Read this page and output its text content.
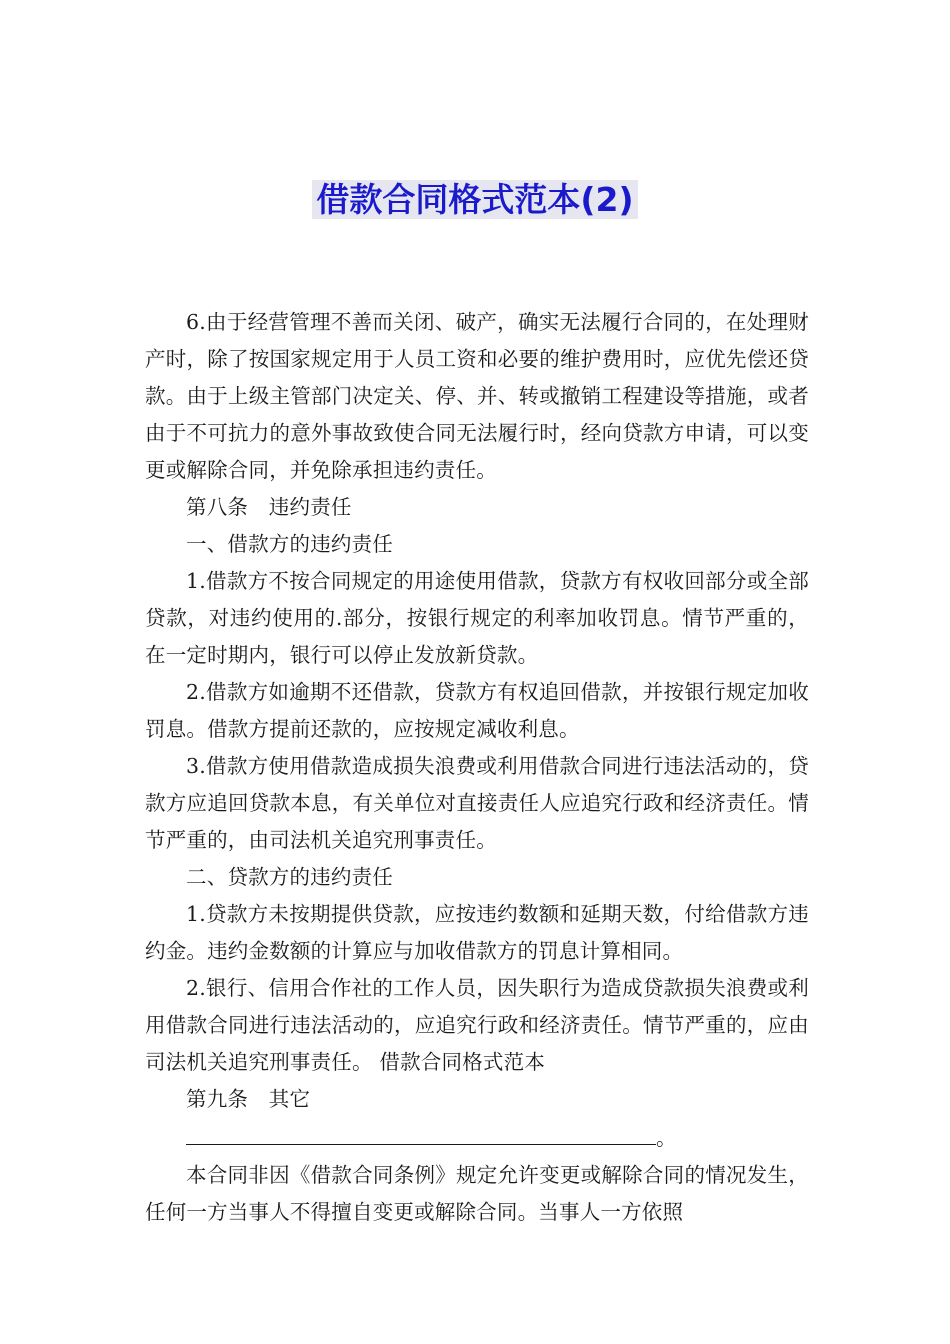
借款合同格式范本(2)

6.由于经营管理不善而关闭、破产，确实无法履行合同的，在处理财产时，除了按国家规定用于人员工资和必要的维护费用时，应优先偿还贷款。由于上级主管部门决定关、停、并、转或撤销工程建设等措施，或者由于不可抗力的意外事故致使合同无法履行时，经向贷款方申请，可以变更或解除合同，并免除承担违约责任。

第八条　违约责任

一、借款方的违约责任

1.借款方不按合同规定的用途使用借款，贷款方有权收回部分或全部贷款，对违约使用的.部分，按银行规定的利率加收罚息。情节严重的，在一定时期内，银行可以停止发放新贷款。

2.借款方如逾期不还借款，贷款方有权追回借款，并按银行规定加收罚息。借款方提前还款的，应按规定减收利息。

3.借款方使用借款造成损失浪费或利用借款合同进行违法活动的，贷款方应追回贷款本息，有关单位对直接责任人应追究行政和经济责任。情节严重的，由司法机关追究刑事责任。

二、贷款方的违约责任

1.贷款方未按期提供贷款，应按违约数额和延期天数，付给借款方违约金。违约金数额的计算应与加收借款方的罚息计算相同。

2.银行、信用合作社的工作人员，因失职行为造成贷款损失浪费或利用借款合同进行违法活动的，应追究行政和经济责任。情节严重的，应由司法机关追究刑事责任。 借款合同格式范本

第九条　其它

。

本合同非因《借款合同条例》规定允许变更或解除合同的情况发生，任何一方当事人不得擅自变更或解除合同。当事人一方依照
